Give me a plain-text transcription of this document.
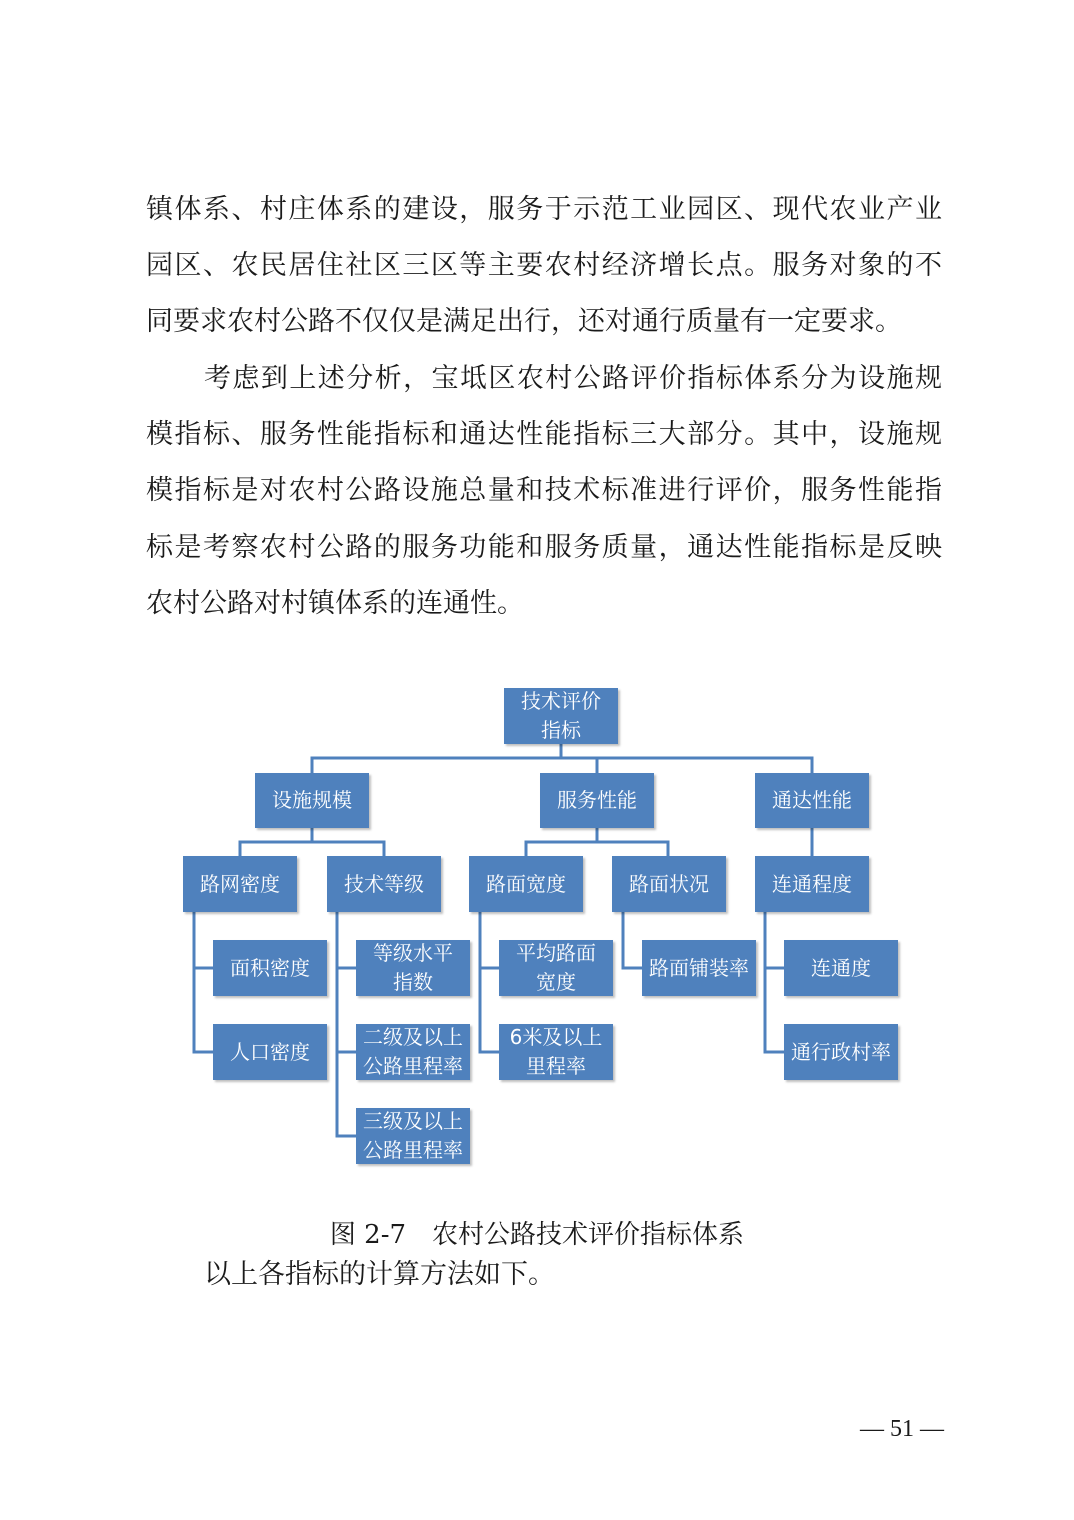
镇体系、村庄体系的建设，服务于示范工业园区、现代农业产业
园区、农民居住社区三区等主要农村经济增长点。服务对象的不
同要求农村公路不仅仅是满足出行，还对通行质量有一定要求。
考虑到上述分析，宝坻区农村公路评价指标体系分为设施规
模指标、服务性能指标和通达性能指标三大部分。其中，设施规
模指标是对农村公路设施总量和技术标准进行评价，服务性能指
标是考察农村公路的服务功能和服务质量，通达性能指标是反映
农村公路对村镇体系的连通性。
技术评价
指标
设施规模	服务性能	通达性能
路网密度	技术等级	路面宽度	路面状况	连通程度
面积密度
人口密度
等级水平
指数
二级及以上
公路里程率
三级及以上
公路里程率
平均路面
宽度
6米及以上
里程率
路面铺装率	连通度
通行政村率
图 2-7　农村公路技术评价指标体系
以上各指标的计算方法如下。
— 51 —
